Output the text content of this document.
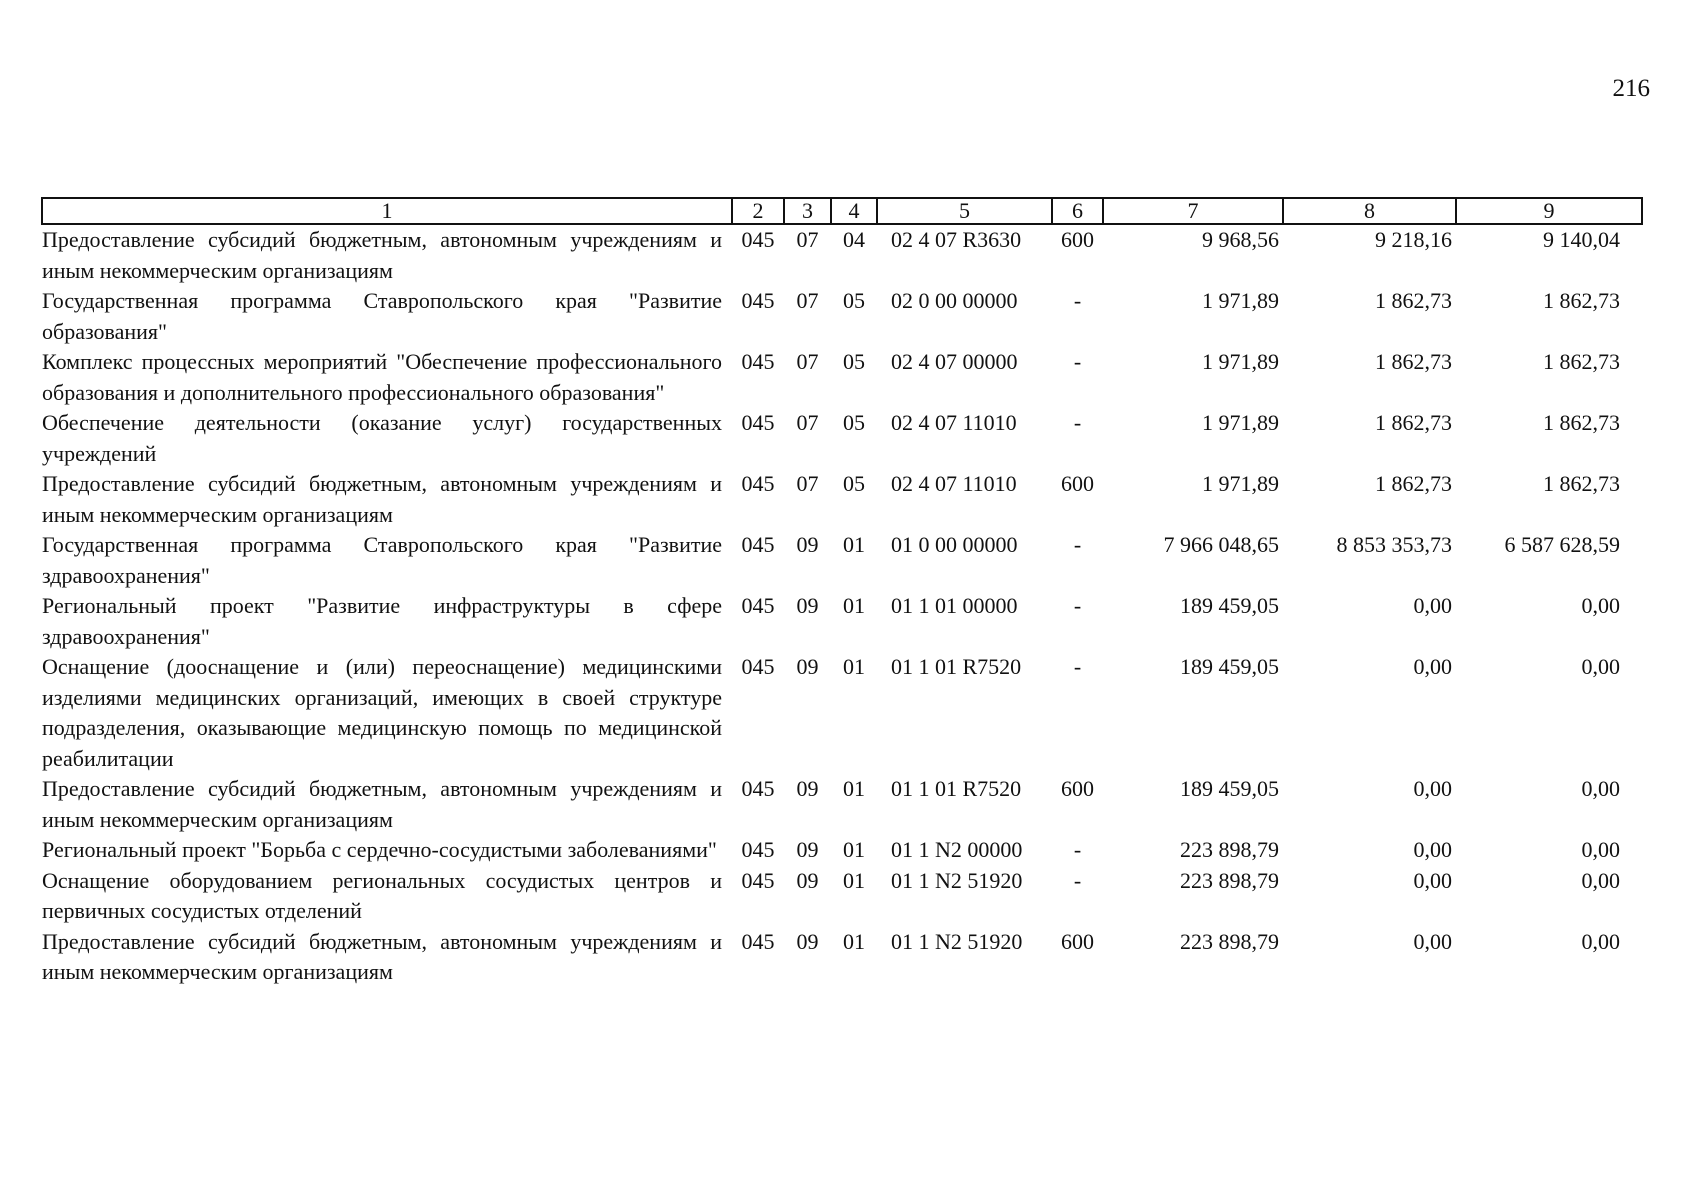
216
1	2	3	4	5	6	7	8	9
Предоставление субсидий бюджетным, автономным учреждениям и иным некоммерческим организациям	045	07	04	02 4 07 R3630	600	9 968,56	9 218,16	9 140,04
Государственная программа Ставропольского края "Развитие образования"	045	07	05	02 0 00 00000	-	1 971,89	1 862,73	1 862,73
Комплекс процессных мероприятий "Обеспечение профессионального образования и дополнительного профессионального образования"	045	07	05	02 4 07 00000	-	1 971,89	1 862,73	1 862,73
Обеспечение деятельности (оказание услуг) государственных учреждений	045	07	05	02 4 07 11010	-	1 971,89	1 862,73	1 862,73
Предоставление субсидий бюджетным, автономным учреждениям и иным некоммерческим организациям	045	07	05	02 4 07 11010	600	1 971,89	1 862,73	1 862,73
Государственная программа Ставропольского края "Развитие здравоохранения"	045	09	01	01 0 00 00000	-	7 966 048,65	8 853 353,73	6 587 628,59
Региональный проект "Развитие инфраструктуры в сфере здравоохранения"	045	09	01	01 1 01 00000	-	189 459,05	0,00	0,00
Оснащение (дооснащение и (или) переоснащение) медицинскими изделиями медицинских организаций, имеющих в своей структуре подразделения, оказывающие медицинскую помощь по медицинской реабилитации	045	09	01	01 1 01 R7520	-	189 459,05	0,00	0,00
Предоставление субсидий бюджетным, автономным учреждениям и иным некоммерческим организациям	045	09	01	01 1 01 R7520	600	189 459,05	0,00	0,00
Региональный проект "Борьба с сердечно-сосудистыми заболеваниями"	045	09	01	01 1 N2 00000	-	223 898,79	0,00	0,00
Оснащение оборудованием региональных сосудистых центров и первичных сосудистых отделений	045	09	01	01 1 N2 51920	-	223 898,79	0,00	0,00
Предоставление субсидий бюджетным, автономным учреждениям и иным некоммерческим организациям	045	09	01	01 1 N2 51920	600	223 898,79	0,00	0,00
